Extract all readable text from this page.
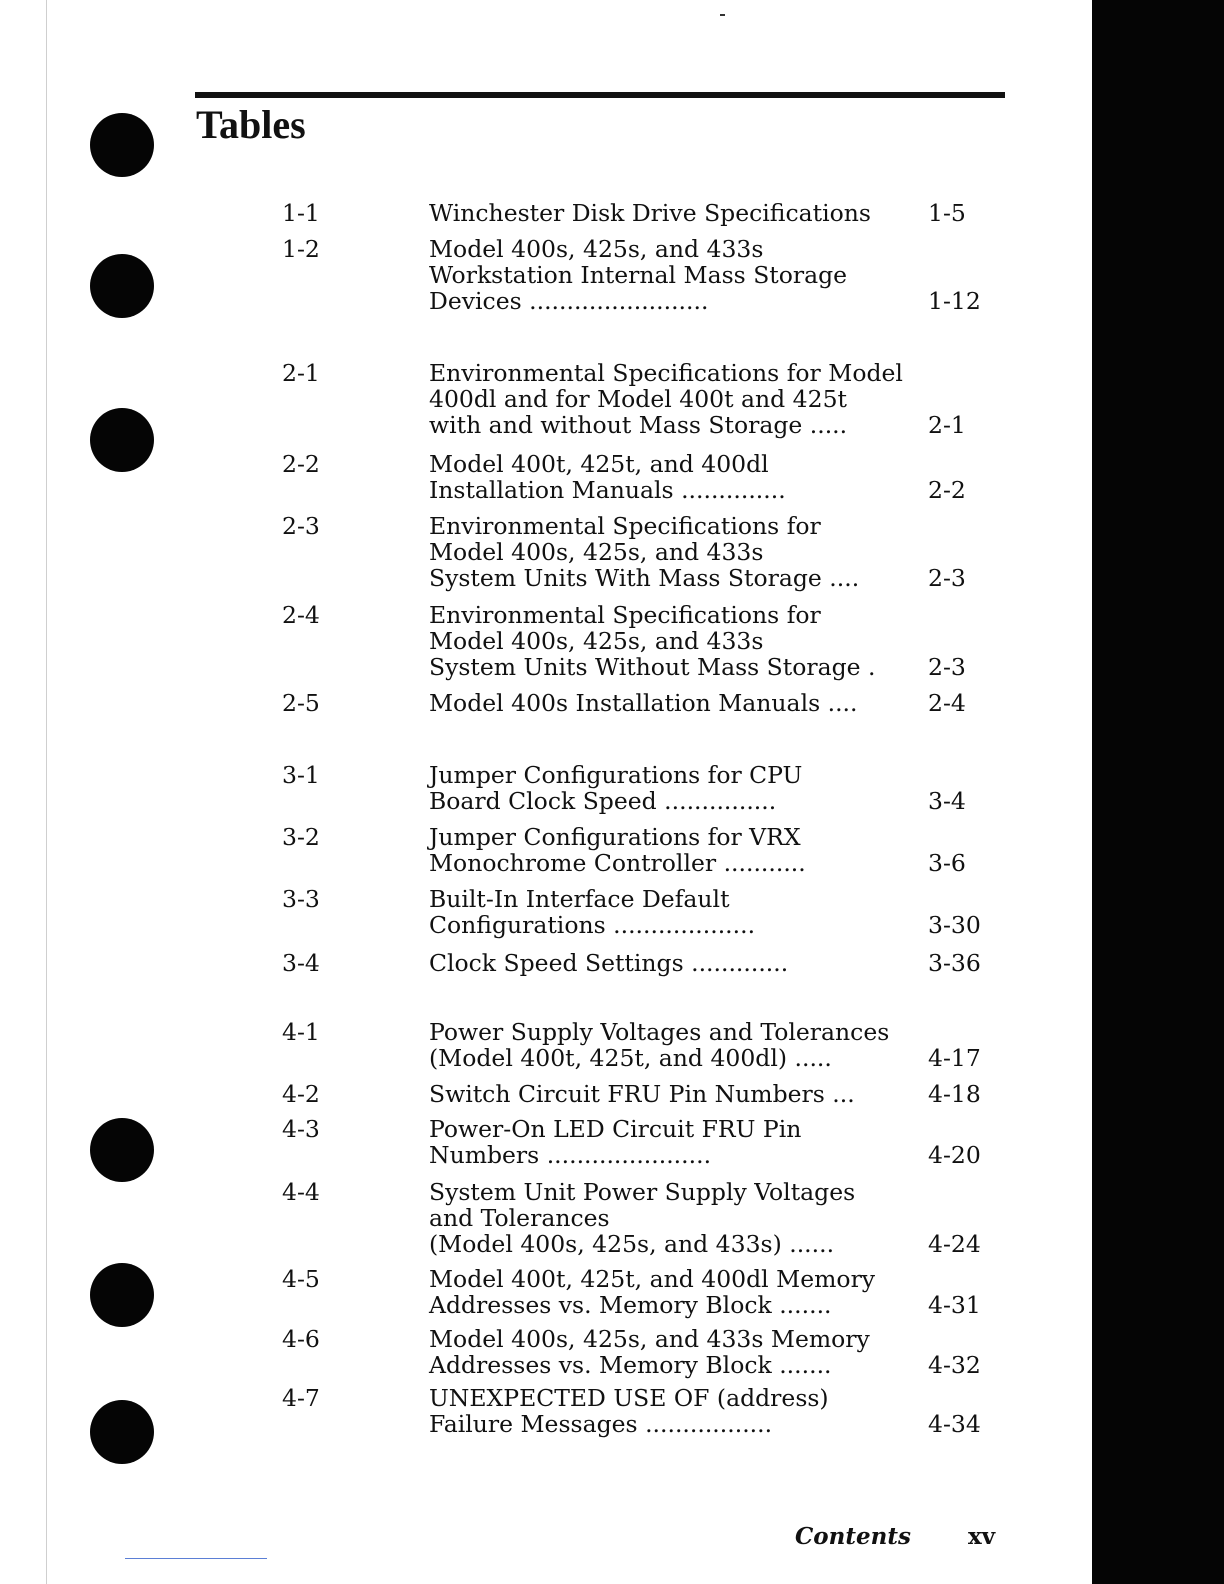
Tables
1-1	Winchester Disk Drive Specifications	1-5
1-2	Model 400s, 425s, and 433s
Workstation Internal Mass Storage
Devices ........................	1-12
2-1	Environmental Specifications for Model
400dl and for Model 400t and 425t
with and without Mass Storage .....	2-1
2-2	Model 400t, 425t, and 400dl
Installation Manuals ..............	2-2
2-3	Environmental Specifications for
Model 400s, 425s, and 433s
System Units With Mass Storage ....	2-3
2-4	Environmental Specifications for
Model 400s, 425s, and 433s
System Units Without Mass Storage .	2-3
2-5	Model 400s Installation Manuals ....	2-4
3-1	Jumper Configurations for CPU
Board Clock Speed ...............	3-4
3-2	Jumper Configurations for VRX
Monochrome Controller ...........	3-6
3-3	Built-In Interface Default
Configurations ...................	3-30
3-4	Clock Speed Settings .............	3-36
4-1	Power Supply Voltages and Tolerances
(Model 400t, 425t, and 400dl) .....	4-17
4-2	Switch Circuit FRU Pin Numbers ...	4-18
4-3	Power-On LED Circuit FRU Pin
Numbers ......................	4-20
4-4	System Unit Power Supply Voltages
and Tolerances
(Model 400s, 425s, and 433s) ......	4-24
4-5	Model 400t, 425t, and 400dl Memory
Addresses vs. Memory Block .......	4-31
4-6	Model 400s, 425s, and 433s Memory
Addresses vs. Memory Block .......	4-32
4-7	UNEXPECTED USE OF (address)
Failure Messages .................	4-34
Contents xv
